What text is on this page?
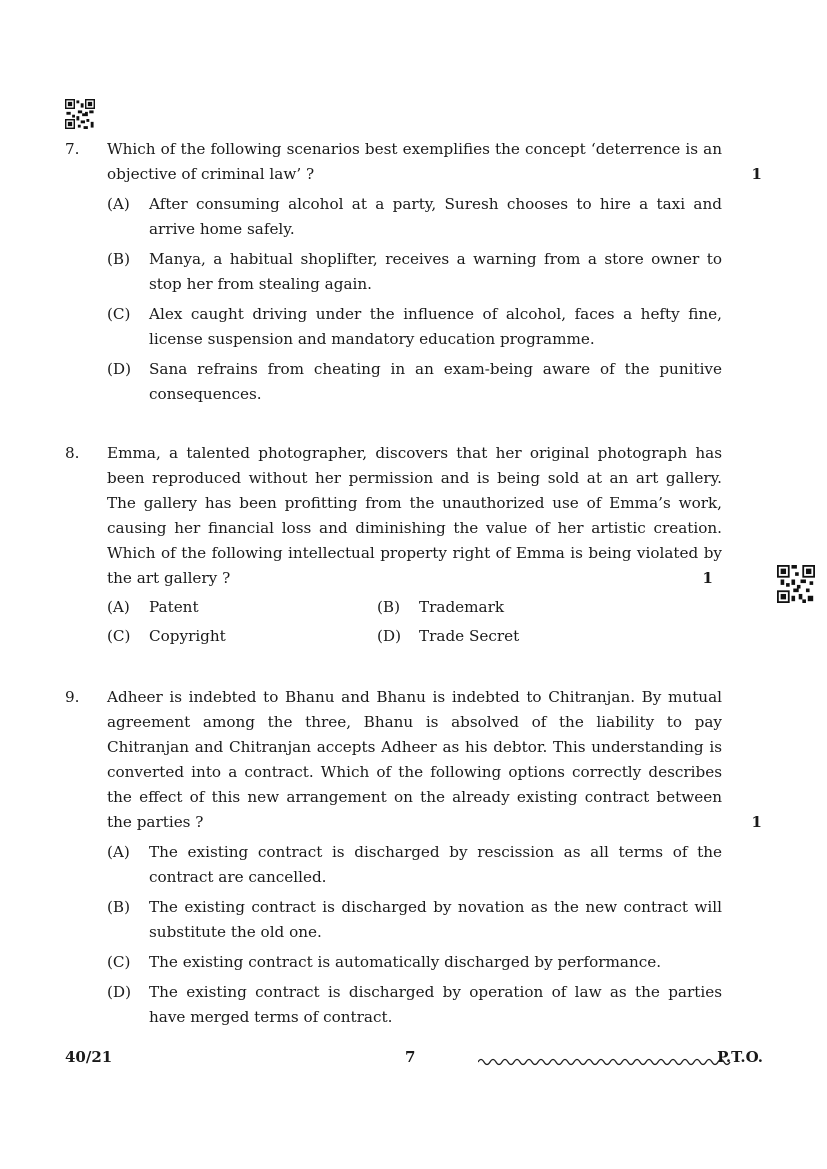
7. Which of the following scenarios best exemplifies the concept ‘deterrence is an objective of criminal law’ ?	1
(A) After consuming alcohol at a party, Suresh chooses to hire a taxi and arrive home safely.
(B) Manya, a habitual shoplifter, receives a warning from a store owner to stop her from stealing again.
(C) Alex caught driving under the influence of alcohol, faces a hefty fine, license suspension and mandatory education programme.
(D) Sana refrains from cheating in an exam-being aware of the punitive consequences.
8. Emma, a talented photographer, discovers that her original photograph has been reproduced without her permission and is being sold at an art gallery. The gallery has been profitting from the unauthorized use of Emma’s work, causing her financial loss and diminishing the value of her artistic creation. Which of the following intellectual property right of Emma is being violated by the art gallery ?	1
(A) Patent	(B) Trademark
(C) Copyright	(D) Trade Secret
9. Adheer is indebted to Bhanu and Bhanu is indebted to Chitranjan. By mutual agreement among the three, Bhanu is absolved of the liability to pay Chitranjan and Chitranjan accepts Adheer as his debtor. This understanding is converted into a contract. Which of the following options correctly describes the effect of this new arrangement on the already existing contract between the parties ?	1
(A) The existing contract is discharged by rescission as all terms of the contract are cancelled.
(B) The existing contract is discharged by novation as the new contract will substitute the old one.
(C) The existing contract is automatically discharged by performance.
(D) The existing contract is discharged by operation of law as the parties have merged terms of contract.
40/21	7	P.T.O.
